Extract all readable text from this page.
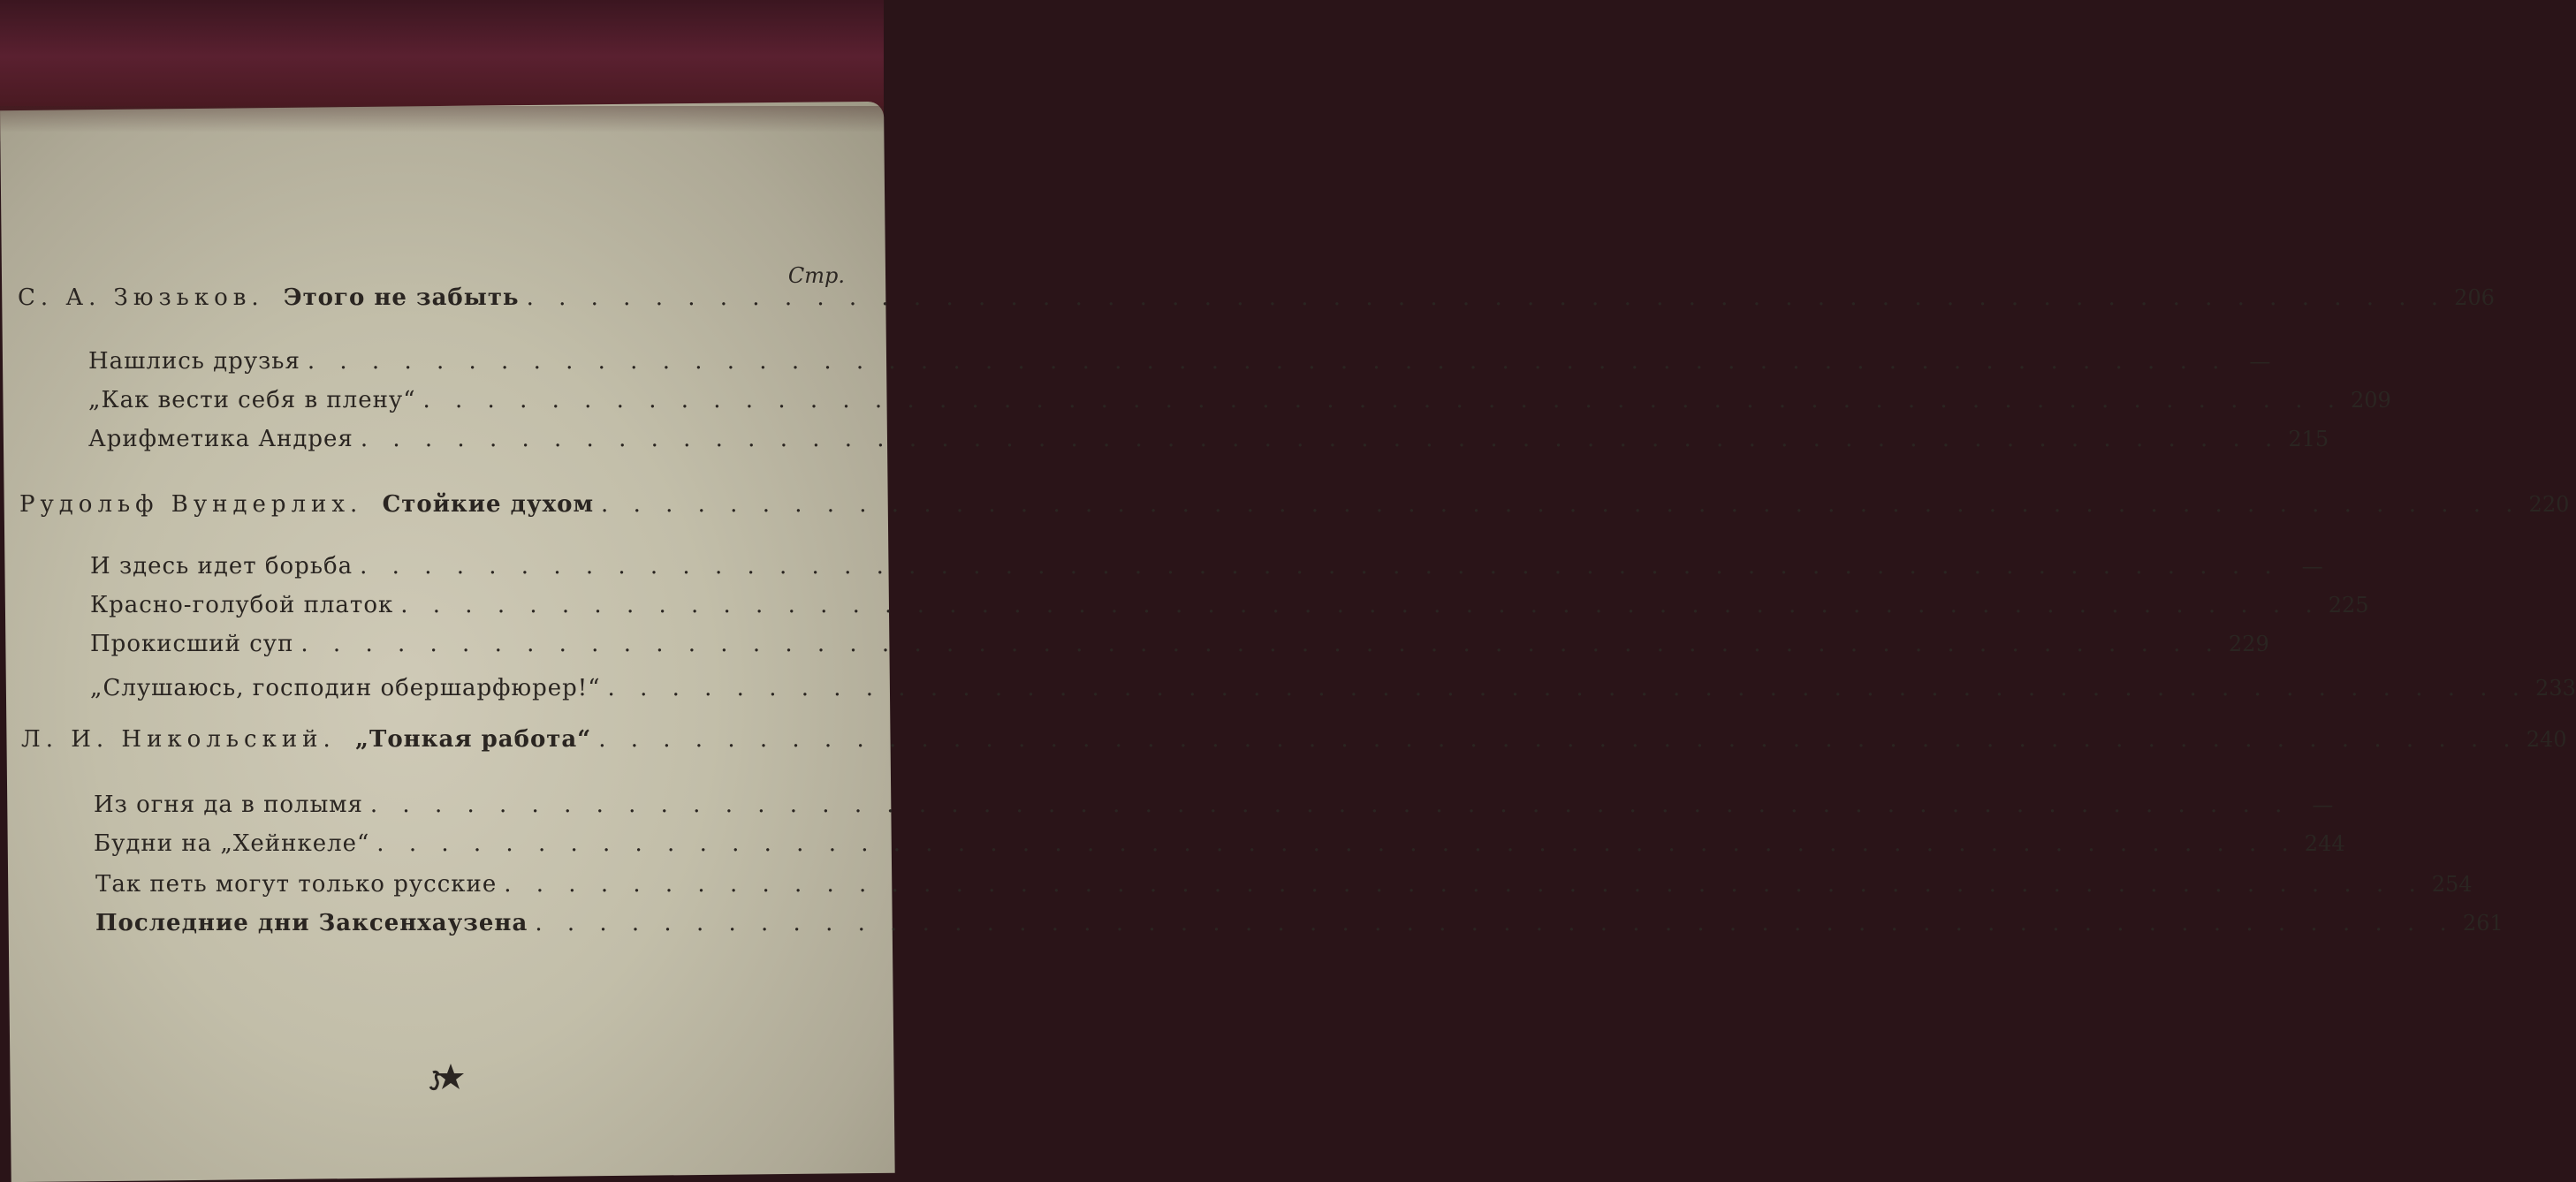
Стр.
С. А. Зюзьков. Этого не забыть . . . . . . . . . . . . . . . . . . . . . . . . . . . . . . . . . . . . . . . . . . . . . . . . . . . . . . . . . . . . 206
Нашлись друзья . . . . . . . . . . . . . . . . . . . . . . . . . . . . . . . . . . . . . . . . . . . . . . . . . . . . . . . . . . . .	—
„Как вести себя в плену“ . . . . . . . . . . . . . . . . . . . . . . . . . . . . . . . . . . . . . . . . . . . . . . . . . . . . . . . . . . . . 209
Арифметика Андрея . . . . . . . . . . . . . . . . . . . . . . . . . . . . . . . . . . . . . . . . . . . . . . . . . . . . . . . . . . . . 215
Рудольф Вундерлих. Стойкие духом . . . . . . . . . . . . . . . . . . . . . . . . . . . . . . . . . . . . . . . . . . . . . . . . . . . . . . . . . . . . 220
И здесь идет борьба . . . . . . . . . . . . . . . . . . . . . . . . . . . . . . . . . . . . . . . . . . . . . . . . . . . . . . . . . . . .	—
Красно-голубой платок . . . . . . . . . . . . . . . . . . . . . . . . . . . . . . . . . . . . . . . . . . . . . . . . . . . . . . . . . . . . 225
Прокисший суп . . . . . . . . . . . . . . . . . . . . . . . . . . . . . . . . . . . . . . . . . . . . . . . . . . . . . . . . . . . . 229
„Слушаюсь, господин обершарфюрер!“ . . . . . . . . . . . . . . . . . . . . . . . . . . . . . . . . . . . . . . . . . . . . . . . . . . . . . . . . . . . . 233
Л. И. Никольский. „Тонкая работа“ . . . . . . . . . . . . . . . . . . . . . . . . . . . . . . . . . . . . . . . . . . . . . . . . . . . . . . . . . . . . 240
Из огня да в полымя . . . . . . . . . . . . . . . . . . . . . . . . . . . . . . . . . . . . . . . . . . . . . . . . . . . . . . . . . . . .	—
Будни на „Хейнкеле“ . . . . . . . . . . . . . . . . . . . . . . . . . . . . . . . . . . . . . . . . . . . . . . . . . . . . . . . . . . . . 244
Так петь могут только русские . . . . . . . . . . . . . . . . . . . . . . . . . . . . . . . . . . . . . . . . . . . . . . . . . . . . . . . . . . . . 254
Последние дни Заксенхаузена . . . . . . . . . . . . . . . . . . . . . . . . . . . . . . . . . . . . . . . . . . . . . . . . . . . . . . . . . . . . 261
